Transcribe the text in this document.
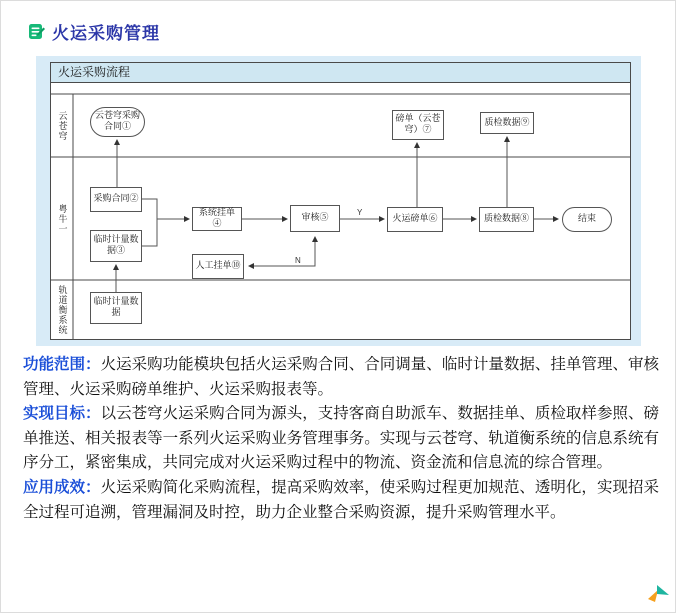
火运采购管理
火运采购流程
云苍穹
粤牛一
轨道衡系统
Y
N
云苍穹采购合同①
磅单（云苍穹）⑦
质检数据⑨
采购合同②
临时计量数据③
系统挂单④
人工挂单⑩
审核⑤	火运磅单⑥	质检数据⑧	结束
临时计量数据

功能范围：火运采购功能模块包括火运采购合同、合同调量、临时计量数据、挂单管理、审核管理、火运采购磅单维护、火运采购报表等。

实现目标：以云苍穹火运采购合同为源头，支持客商自助派车、数据挂单、质检取样参照、磅单推送、相关报表等一系列火运采购业务管理事务。实现与云苍穹、轨道衡系统的信息系统有序分工，紧密集成，共同完成对火运采购过程中的物流、资金流和信息流的综合管理。

应用成效：火运采购简化采购流程，提高采购效率，使采购过程更加规范、透明化，实现招采全过程可追溯，管理漏洞及时控，助力企业整合采购资源，提升采购管理水平。
